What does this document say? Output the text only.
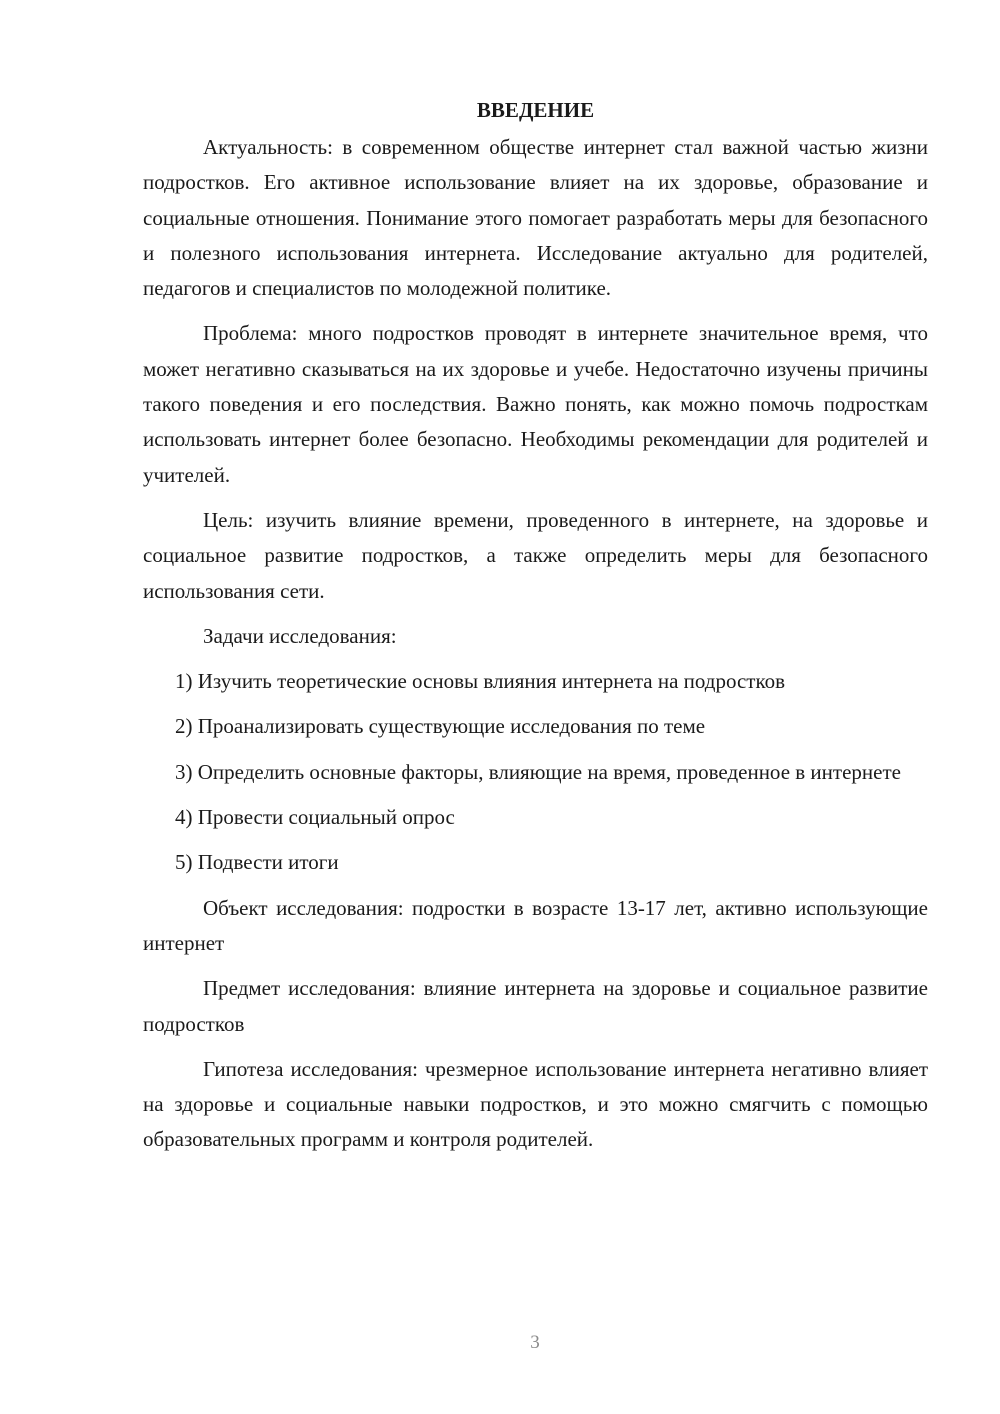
ВВЕДЕНИЕ

Актуальность: в современном обществе интернет стал важной частью жизни подростков. Его активное использование влияет на их здоровье, образование и социальные отношения. Понимание этого помогает разработать меры для безопасного и полезного использования интернета. Исследование актуально для родителей, педагогов и специалистов по молодежной политике.

Проблема: много подростков проводят в интернете значительное время, что может негативно сказываться на их здоровье и учебе. Недостаточно изучены причины такого поведения и его последствия. Важно понять, как можно помочь подросткам использовать интернет более безопасно. Необходимы рекомендации для родителей и учителей.

Цель: изучить влияние времени, проведенного в интернете, на здоровье и социальное развитие подростков, а также определить меры для безопасного использования сети.

Задачи исследования:

1) Изучить теоретические основы влияния интернета на подростков

2) Проанализировать существующие исследования по теме

3) Определить основные факторы, влияющие на время, проведенное в интернете

4) Провести социальный опрос

5) Подвести итоги

Объект исследования: подростки в возрасте 13-17 лет, активно использующие интернет

Предмет исследования: влияние интернета на здоровье и социальное развитие подростков

Гипотеза исследования: чрезмерное использование интернета негативно влияет на здоровье и социальные навыки подростков, и это можно смягчить с помощью образовательных программ и контроля родителей.

3
